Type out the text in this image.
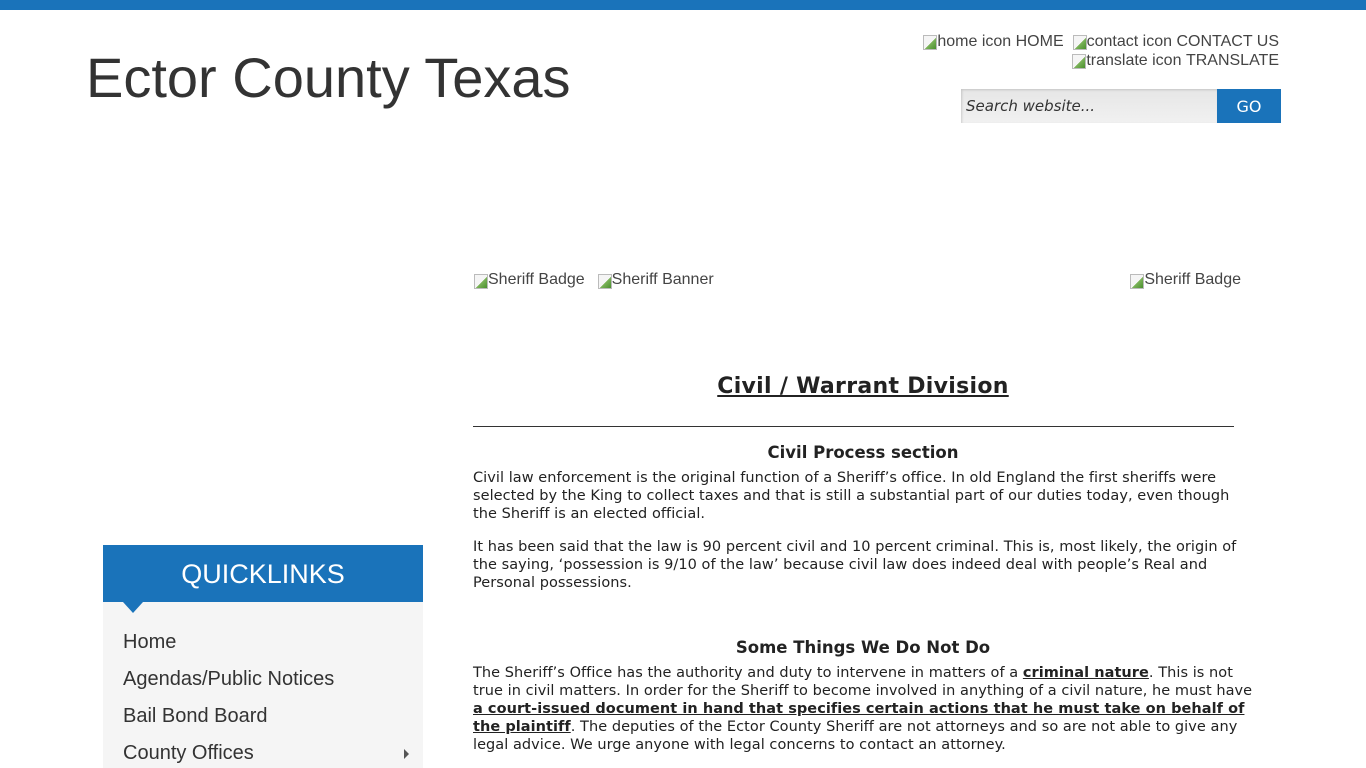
Ector County Texas
home icon
HOME contact icon
CONTACT US
translate icon
TRANSLATE
Search website...
GO
Sheriff Badge Sheriff Banner	Sheriff Badge
Civil / Warrant Division
Civil Process section

Civil law enforcement is the original function of a Sheriff’s office. In old England the first sheriffs were selected by the King to collect taxes and that is still a substantial part of our duties today, even though the Sheriff is an elected official.

It has been said that the law is 90 percent civil and 10 percent criminal. This is, most likely, the origin of the saying, ‘possession is 9/10 of the law’ because civil law does indeed deal with people’s Real and Personal possessions.

Some Things We Do Not Do

The Sheriff’s Office has the authority and duty to intervene in matters of a criminal nature. This is not true in civil matters. In order for the Sheriff to become involved in anything of a civil nature, he must have a court-issued document in hand that specifies certain actions that he must take on behalf of the plaintiff. The deputies of the Ector County Sheriff are not attorneys and so are not able to give any legal advice. We urge anyone with legal concerns to contact an attorney.

QUICKLINKS
Home
Agendas/Public Notices
Bail Bond Board
County Offices
